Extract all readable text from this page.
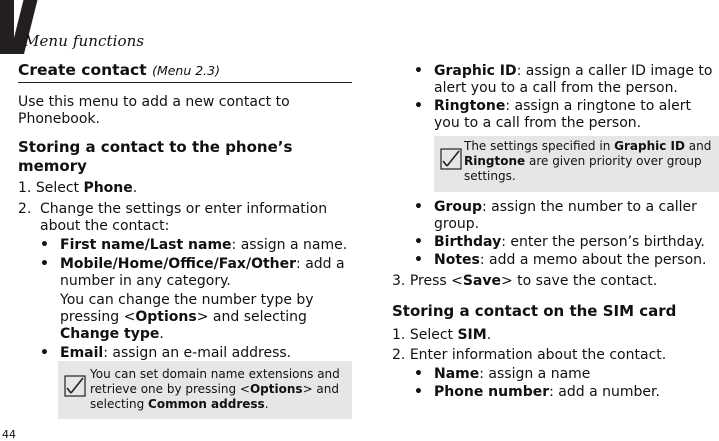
Menu functions
Create contact (Menu 2.3)

Use this menu to add a new contact to Phonebook.

Storing a contact to the phone’s memory
1. Select Phone.
2. Change the settings or enter information about the contact:

• First name/Last name: assign a name.

• Mobile/Home/Office/Fax/Other: add a number in any category.

You can change the number type by pressing <Options> and selecting Change type.

• Email: assign an e-mail address.

You can set domain name extensions and retrieve one by pressing <Options> and selecting Common address.
44
• Graphic ID: assign a caller ID image to alert you to a call from the person.

• Ringtone: assign a ringtone to alert you to a call from the person.

The settings specified in Graphic ID and Ringtone are given priority over group settings.
• Group: assign the number to a caller group.

• Birthday: enter the person’s birthday.

• Notes: add a memo about the person.

3. Press <Save> to save the contact.
Storing a contact on the SIM card
1. Select SIM.
2. Enter information about the contact.
• Name: assign a name

• Phone number: add a number.
